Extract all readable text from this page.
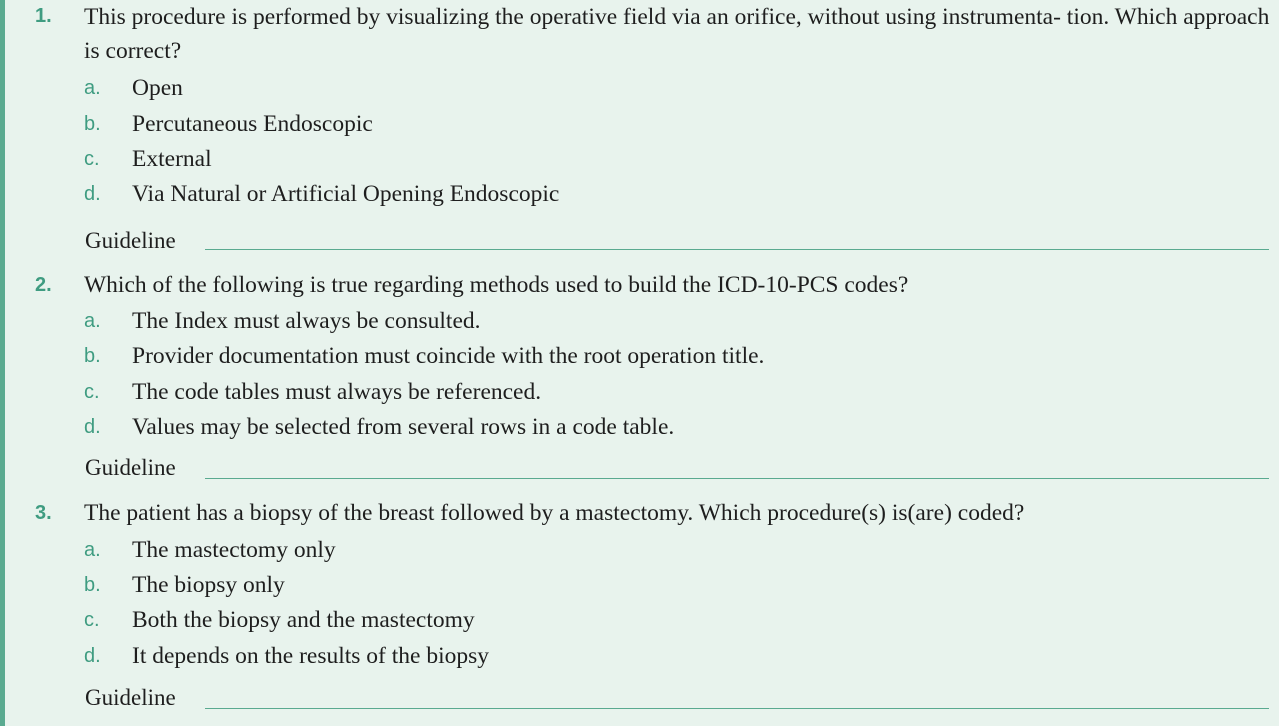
1. This procedure is performed by visualizing the operative field via an orifice, without using instrumenta- tion. Which approach is correct?

a. Open
b. Percutaneous Endoscopic
c. External
d. Via Natural or Artificial Opening Endoscopic
Guideline
2. Which of the following is true regarding methods used to build the ICD-10-PCS codes?

a. The Index must always be consulted.
b. Provider documentation must coincide with the root operation title.
c. The code tables must always be referenced.
d. Values may be selected from several rows in a code table.
Guideline
3. The patient has a biopsy of the breast followed by a mastectomy. Which procedure(s) is(are) coded?

a. The mastectomy only
b. The biopsy only
c. Both the biopsy and the mastectomy
d. It depends on the results of the biopsy
Guideline
